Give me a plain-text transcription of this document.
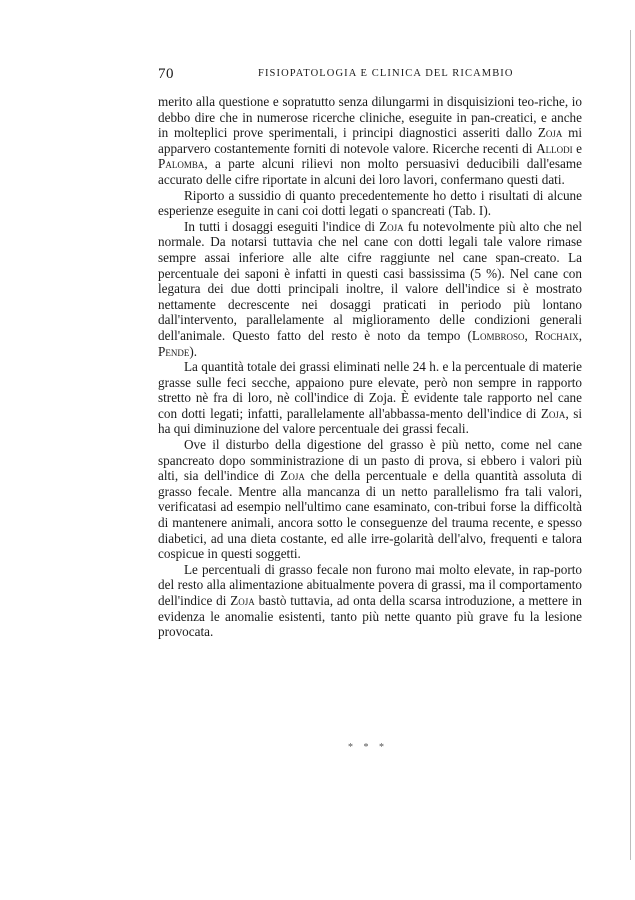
70	FISIOPATOLOGIA E CLINICA DEL RICAMBIO

merito alla questione e sopratutto senza dilungarmi in disquisizioni teo-riche, io debbo dire che in numerose ricerche cliniche, eseguite in pan-creatici, e anche in molteplici prove sperimentali, i principi diagnostici asseriti dallo Zoja mi apparvero costantemente forniti di notevole valore. Ricerche recenti di Allodi e Palomba, a parte alcuni rilievi non molto persuasivi deducibili dall'esame accurato delle cifre riportate in alcuni dei loro lavori, confermano questi dati.

Riporto a sussidio di quanto precedentemente ho detto i risultati di alcune esperienze eseguite in cani coi dotti legati o spancreati (Tab. I).

In tutti i dosaggi eseguiti l'indice di Zoja fu notevolmente più alto che nel normale. Da notarsi tuttavia che nel cane con dotti legali tale valore rimase sempre assai inferiore alle alte cifre raggiunte nel cane span-creato. La percentuale dei saponi è infatti in questi casi bassissima (5 %). Nel cane con legatura dei due dotti principali inoltre, il valore dell'indice si è mostrato nettamente decrescente nei dosaggi praticati in periodo più lontano dall'intervento, parallelamente al miglioramento delle condizioni generali dell'animale. Questo fatto del resto è noto da tempo (Lombroso, Rochaix, Pende).

La quantità totale dei grassi eliminati nelle 24 h. e la percentuale di materie grasse sulle feci secche, appaiono pure elevate, però non sempre in rapporto stretto nè fra di loro, nè coll'indice di Zoja. È evidente tale rapporto nel cane con dotti legati; infatti, parallelamente all'abbassa-mento dell'indice di Zoja, si ha qui diminuzione del valore percentuale dei grassi fecali.

Ove il disturbo della digestione del grasso è più netto, come nel cane spancreato dopo somministrazione di un pasto di prova, si ebbero i valori più alti, sia dell'indice di Zoja che della percentuale e della quantità assoluta di grasso fecale. Mentre alla mancanza di un netto parallelismo fra tali valori, verificatasi ad esempio nell'ultimo cane esaminato, con-tribui forse la difficoltà di mantenere animali, ancora sotto le conseguenze del trauma recente, e spesso diabetici, ad una dieta costante, ed alle irre-golarità dell'alvo, frequenti e talora cospicue in questi soggetti.

Le percentuali di grasso fecale non furono mai molto elevate, in rap-porto del resto alla alimentazione abitualmente povera di grassi, ma il comportamento dell'indice di Zoja bastò tuttavia, ad onta della scarsa introduzione, a mettere in evidenza le anomalie esistenti, tanto più nette quanto più grave fu la lesione provocata.

* * *
